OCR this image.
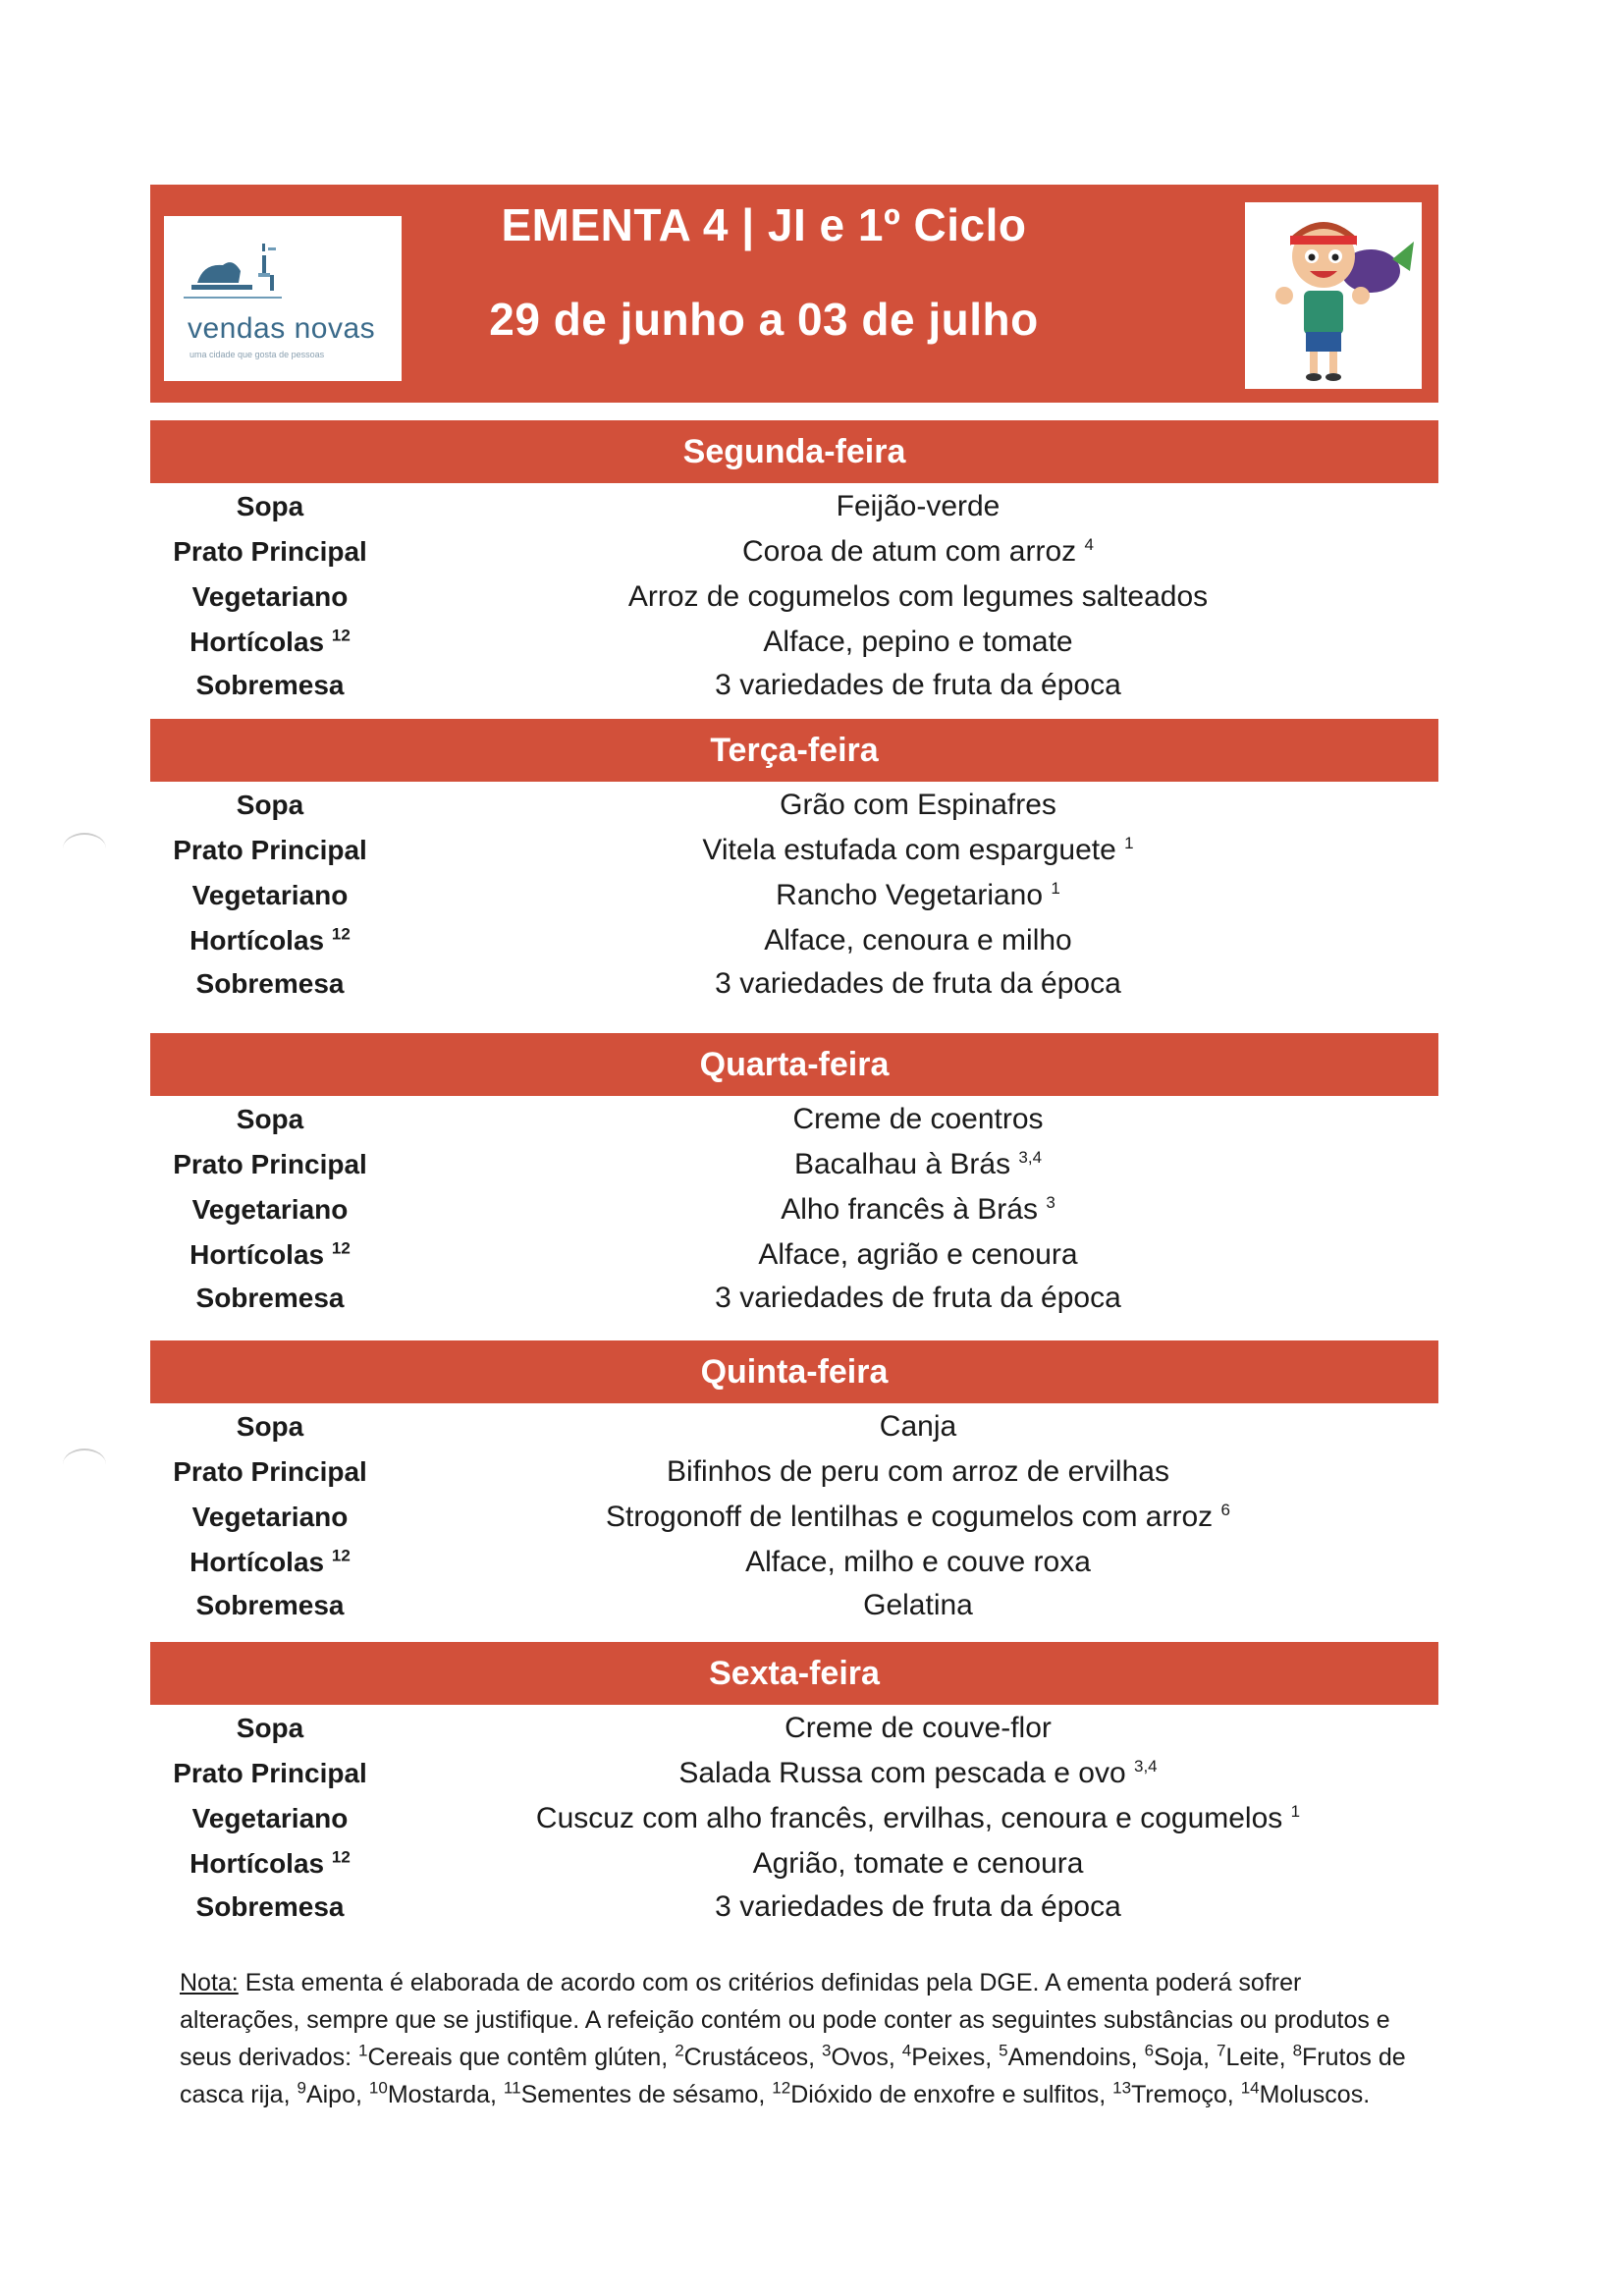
vendas novas
uma cidade que gosta de pessoas
EMENTA 4 | JI e 1º Ciclo
29 de junho a 03 de julho
Segunda-feira
Sopa	Feijão-verde
Prato Principal	Coroa de atum com arroz $^4$
Vegetariano	Arroz de cogumelos com legumes salteados
Hortícolas $^{12}$	Alface, pepino e tomate
Sobremesa	3 variedades de fruta da época
Terça-feira
Sopa	Grão com Espinafres
Prato Principal	Vitela estufada com esparguete $^1$
Vegetariano	Rancho Vegetariano $^1$
Hortícolas $^{12}$	Alface, cenoura e milho
Sobremesa	3 variedades de fruta da época
Quarta-feira
Sopa	Creme de coentros
Prato Principal	Bacalhau à Brás $^{3,4}$
Vegetariano	Alho francês à Brás $^3$
Hortícolas $^{12}$	Alface, agrião e cenoura
Sobremesa	3 variedades de fruta da época
Quinta-feira
Sopa	Canja
Prato Principal	Bifinhos de peru com arroz de ervilhas
Vegetariano	Strogonoff de lentilhas e cogumelos com arroz $^6$
Hortícolas $^{12}$	Alface, milho e couve roxa
Sobremesa	Gelatina
Sexta-feira
Sopa	Creme de couve-flor
Prato Principal	Salada Russa com pescada e ovo $^{3,4}$
Vegetariano	Cuscuz com alho francês, ervilhas, cenoura e cogumelos $^1$
Hortícolas $^{12}$	Agrião, tomate e cenoura
Sobremesa	3 variedades de fruta da época
Nota: Esta ementa é elaborada de acordo com os critérios definidas pela DGE. A ementa poderá sofrer alterações, sempre que se justifique. A refeição contém ou pode conter as seguintes substâncias ou produtos e seus derivados: $^1$Cereais que contêm glúten, $^2$Crustáceos, $^3$Ovos, $^4$Peixes, $^5$Amendoins, $^6$Soja, $^7$Leite, $^8$Frutos de casca rija, $^9$Aipo, $^{10}$Mostarda, $^{11}$Sementes de sésamo, $^{12}$Dióxido de enxofre e sulfitos, $^{13}$Tremoço, $^{14}$Moluscos.
